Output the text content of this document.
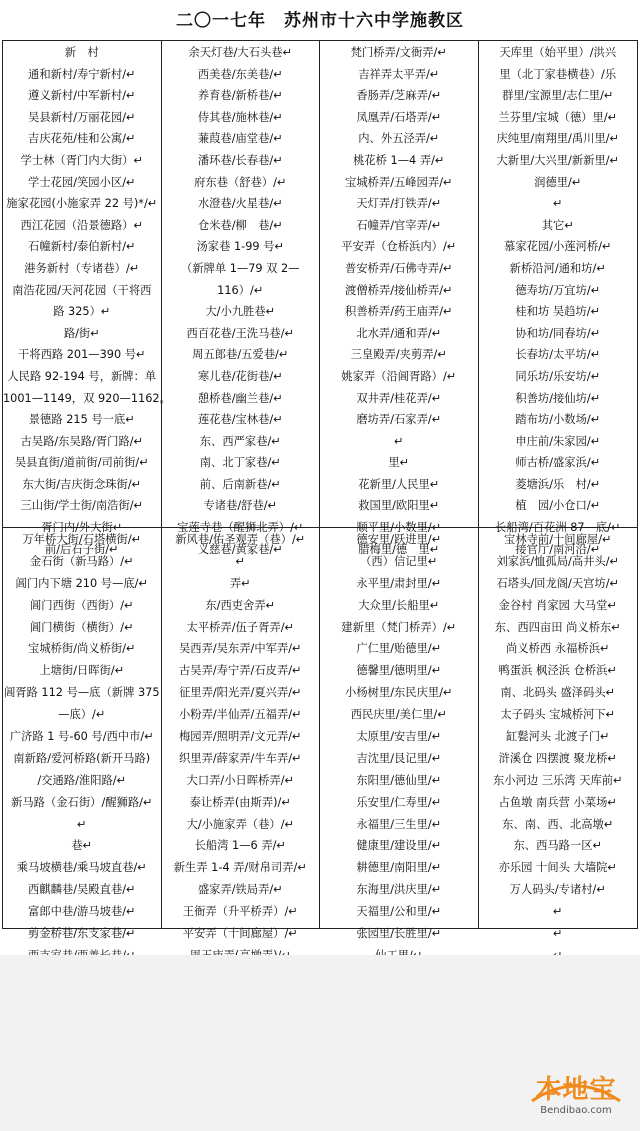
二〇一七年　苏州市十六中学施教区
新　村
通和新村/寿宁新村/↵
遵义新村/中军新村/↵
吴县新村/万丽花园/↵
吉庆花苑/桂和公寓/↵
学士林（胥门内大街）↵
学士花园/笑园小区/↵
施家花园(小施家弄 22 号)*/↵
西江花园（沿景德路）↵
石幢新村/泰伯新村/↵
港务新村（专诸巷）/↵
南浩花园/天河花园（干将西
路 325）↵
路/街↵
干将西路 201—390 号↵
人民路 92-194 号，新牌：单
1001—1149，双 920—1162。
景德路 215 号一底↵
古吴路/东吴路/胥门路/↵
吴县直街/道前街/司前街/↵
东大街/吉庆街念珠街/↵
三山街/学士街/南浩街/↵
胥门内/外大街↵
前/后石子街/↵
余天灯巷/大石头巷↵
西美巷/东美巷/↵
养育巷/新桥巷/↵
侍其巷/施林巷/↵
蒹葭巷/庙堂巷/↵
潘环巷/长春巷/↵
府东巷（舒巷）/↵
水澄巷/火星巷/↵
仓米巷/柳　巷/↵
汤家巷 1-99 号↵
（新牌单 1—79 双 2—
116）/↵
大/小九胜巷↵
西百花巷/王洗马巷/↵
周五郎巷/五爱巷/↵
寒儿巷/花街巷/↵
憩桥巷/幽兰巷/↵
莲花巷/宝林巷/↵
东、西严家巷/↵
南、北丁家巷/↵
前、后南新巷/↵
专诸巷/舒巷/↵
宝莲寺巷（醒狮北弄）/↵
义慈巷/黄家巷/↵
梵门桥弄/文衙弄/↵
吉祥弄太平弄/↵
香肠弄/芝麻弄/↵
凤凰弄/石塔弄/↵
内、外五泾弄/↵
桃花桥 1—4 弄/↵
宝城桥弄/五峰园弄/↵
天灯弄/打铁弄/↵
石幢弄/官宰弄/↵
平安弄（仓桥浜内）/↵
普安桥弄/石佛寺弄/↵
渡僧桥弄/接仙桥弄/↵
积善桥弄/药王庙弄/↵
北水弄/通和弄/↵
三皇殿弄/夹剪弄/↵
姚家弄（沿阊胥路）/↵
双井弄/桂花弄/↵
磨坊弄/石家弄/↵
↵
里↵
花新里/人民里↵
救国里/欧阳里↵
顺平里/小数里/↵
腊梅里/德　里↵
天库里（始平里）/洪兴
里（北丁家巷横巷）/乐
群里/宝源里/志仁里/↵
兰芬里/宝城（德）里/↵
庆纯里/南翔里/禹川里/↵
大新里/大兴里/新新里/↵
润德里/↵
↵
其它↵
慕家花园/小莲河桥/↵
新桥沿河/通和坊/↵
德寿坊/万宜坊/↵
桂和坊 吴趋坊/↵
协和坊/同春坊/↵
长春坊/太平坊/↵
同乐坊/乐安坊/↵
积善坊/接仙坊/↵
踏布坊/小数场/↵
申庄前/朱家园/↵
师古桥/盛家浜/↵
菱塘浜/乐　村/↵
植　园/小仓口/↵
长船湾/百花洲 87—底/↵
接官厅/南河沿/↵
万年桥大街/石塔横街/↵
金石街（新马路）/↵
阊门内下塘 210 号—底/↵
阊门西街（西街）/↵
阊门横街（横街）/↵
宝城桥街/尚义桥街/↵
上塘街/日晖街/↵
阊胥路 112 号—底（新牌 375
—底）/↵
广济路 1 号-60 号/西中市/↵
南新路/爱河桥路(新开马路)
/交通路/淮阳路/↵
新马路（金石街）/醒狮路/↵
↵
巷↵
乘马坡横巷/乘马坡直巷/↵
西麒麟巷/吴殿直巷/↵
富郎中巷/游马坡巷/↵
剪金桥巷/东支家巷/↵
新风巷/佑圣观弄（巷）/↵
↵
弄↵
东/西吏舍弄↵
太平桥弄/伍子胥弄/↵
吴西弄/吴东弄/中军弄/↵
古吴弄/寿宁弄/石皮弄/↵
征里弄/阳光弄/夏兴弄/↵
小粉弄/半仙弄/五福弄/↵
梅园弄/照明弄/文元弄/↵
织里弄/薛家弄/牛车弄/↵
大口弄/小日晖桥弄/↵
泰让桥弄(由斯弄)/↵
大/小施家弄（巷）/↵
长船湾 1—6 弄/↵
新生弄 1-4 弄/财帛司弄/↵
盛家弄/铁局弄/↵
王衙弄（升平桥弄）/↵
平安弄（十间廊屋）/↵
德安里/跃进里/↵
（西）信记里↵
永平里/肃封里/↵
大众里/长船里↵
建新里（梵门桥弄）/↵
广仁里/贻德里/↵
德馨里/德明里/↵
小杨树里/东民庆里/↵
西民庆里/美仁里/↵
太原里/安吉里/↵
吉沈里/艮记里/↵
东阳里/德仙里/↵
乐安里/仁寿里/↵
永福里/三生里/↵
健康里/建设里/↵
耕德里/南阳里/↵
东海里/洪庆里/↵
天福里/公和里/↵
张园里/长胜里/↵
宝林寺前/十间廊屋/↵
刘家浜/恤孤局/高井头/↵
石塔头/回龙阁/天宫坊/↵
金谷村 肖家园 大马堂↵
东、西四亩田 尚义桥东↵
尚义桥西 永福桥浜↵
鸭蛋浜 枫泾浜 仓桥浜↵
南、北码头 盛泽码头↵
太子码头 宝城桥河下↵
缸甏河头 北渡子门↵
浒溪仓 四摆渡 聚龙桥↵
东小河边 三乐湾 天库前↵
占鱼墩 南兵营 小菜场↵
东、南、西、北高墩↵
东、西马路一区↵
亦乐园 十间头 大墙院↵
万人码头/专诸村/↵
↵
↵
本地宝
Bendibao.com
